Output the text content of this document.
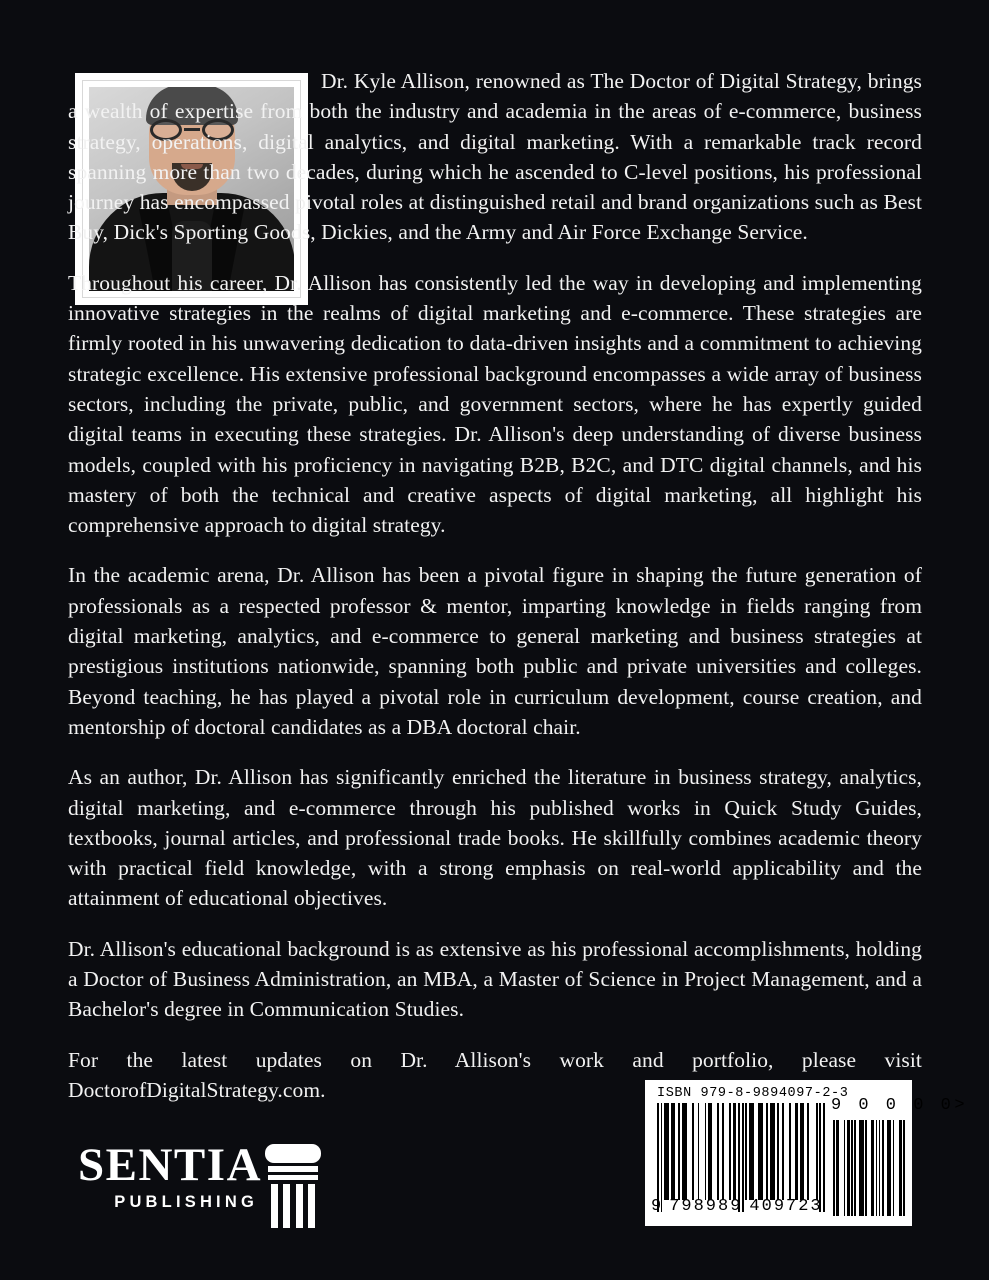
Dr. Kyle Allison, renowned as The Doctor of Digital Strategy, brings a wealth of expertise from both the industry and academia in the areas of e-commerce, business strategy, operations, digital analytics, and digital marketing. With a remarkable track record spanning more than two decades, during which he ascended to C-level positions, his professional journey has encompassed pivotal roles at distinguished retail and brand organizations such as Best Buy, Dick's Sporting Goods, Dickies, and the Army and Air Force Exchange Service.

Throughout his career, Dr. Allison has consistently led the way in developing and implementing innovative strategies in the realms of digital marketing and e-commerce. These strategies are firmly rooted in his unwavering dedication to data-driven insights and a commitment to achieving strategic excellence. His extensive professional background encompasses a wide array of business sectors, including the private, public, and government sectors, where he has expertly guided digital teams in executing these strategies. Dr. Allison's deep understanding of diverse business models, coupled with his proficiency in navigating B2B, B2C, and DTC digital channels, and his mastery of both the technical and creative aspects of digital marketing, all highlight his comprehensive approach to digital strategy.

In the academic arena, Dr. Allison has been a pivotal figure in shaping the future generation of professionals as a respected professor & mentor, imparting knowledge in fields ranging from digital marketing, analytics, and e-commerce to general marketing and business strategies at prestigious institutions nationwide, spanning both public and private universities and colleges. Beyond teaching, he has played a pivotal role in curriculum development, course creation, and mentorship of doctoral candidates as a DBA doctoral chair.

As an author, Dr. Allison has significantly enriched the literature in business strategy, analytics, digital marketing, and e-commerce through his published works in Quick Study Guides, textbooks, journal articles, and professional trade books. He skillfully combines academic theory with practical field knowledge, with a strong emphasis on real-world applicability and the attainment of educational objectives.

Dr. Allison's educational background is as extensive as his professional accomplishments, holding a Doctor of Business Administration, an MBA, a Master of Science in Project Management, and a Bachelor's degree in Communication Studies.

For the latest updates on Dr. Allison's work and portfolio, please visit DoctorofDigitalStrategy.com.

SENTIA
PUBLISHING
ISBN 979-8-9894097-2-3
9 798989 409723
9 0 0 0 0>
